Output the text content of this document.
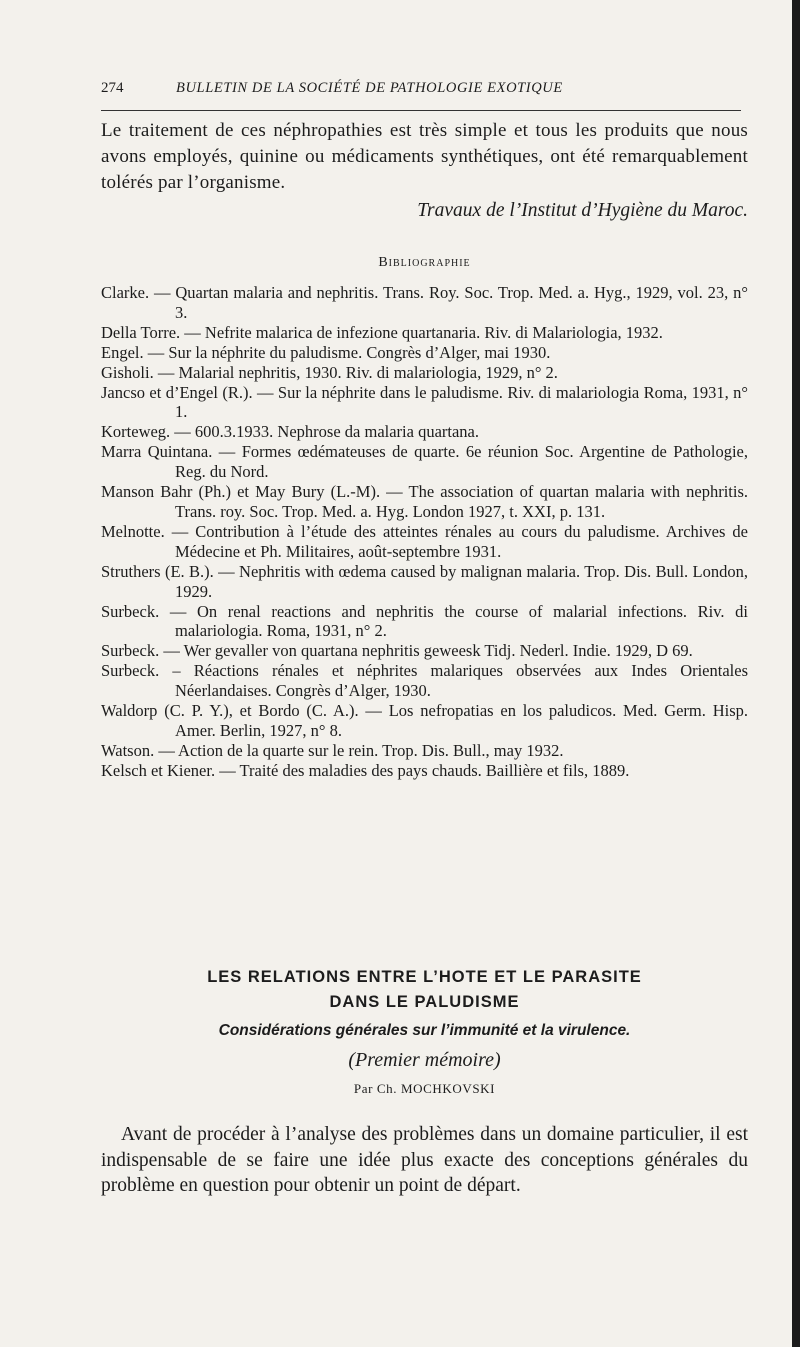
274	BULLETIN DE LA SOCIÉTÉ DE PATHOLOGIE EXOTIQUE

Le traitement de ces néphropathies est très simple et tous les produits que nous avons employés, quinine ou médicaments synthétiques, ont été remarquablement tolérés par l’organisme.

Travaux de l’Institut d’Hygiène du Maroc.
Bibliographie
Clarke. — Quartan malaria and nephritis. Trans. Roy. Soc. Trop. Med. a. Hyg., 1929, vol. 23, n° 3.
Della Torre. — Nefrite malarica de infezione quartanaria. Riv. di Malariologia, 1932.
Engel. — Sur la néphrite du paludisme. Congrès d’Alger, mai 1930.
Gisholi. — Malarial nephritis, 1930. Riv. di malariologia, 1929, n° 2.
Jancso et d’Engel (R.). — Sur la néphrite dans le paludisme. Riv. di malariologia Roma, 1931, n° 1.
Korteweg. — 600.3.1933. Nephrose da malaria quartana.
Marra Quintana. — Formes œdémateuses de quarte. 6e réunion Soc. Argentine de Pathologie, Reg. du Nord.
Manson Bahr (Ph.) et May Bury (L.-M). — The association of quartan malaria with nephritis. Trans. roy. Soc. Trop. Med. a. Hyg. London 1927, t. XXI, p. 131.
Melnotte. — Contribution à l’étude des atteintes rénales au cours du paludisme. Archives de Médecine et Ph. Militaires, août-septembre 1931.
Struthers (E. B.). — Nephritis with œdema caused by malignan malaria. Trop. Dis. Bull. London, 1929.
Surbeck. — On renal reactions and nephritis the course of malarial infections. Riv. di malariologia. Roma, 1931, n° 2.
Surbeck. — Wer gevaller von quartana nephritis geweesk Tidj. Nederl. Indie. 1929, D 69.
Surbeck. – Réactions rénales et néphrites malariques observées aux Indes Orientales Néerlandaises. Congrès d’Alger, 1930.
Waldorp (C. P. Y.), et Bordo (C. A.). — Los nefropatias en los paludicos. Med. Germ. Hisp. Amer. Berlin, 1927, n° 8.
Watson. — Action de la quarte sur le rein. Trop. Dis. Bull., may 1932.
Kelsch et Kiener. — Traité des maladies des pays chauds. Baillière et fils, 1889.

LES RELATIONS ENTRE L’HOTE ET LE PARASITE
DANS LE PALUDISME

Considérations générales sur l’immunité et la virulence.
(Premier mémoire)
Par Ch. MOCHKOVSKI

Avant de procéder à l’analyse des problèmes dans un domaine particulier, il est indispensable de se faire une idée plus exacte des conceptions générales du problème en question pour obtenir un point de départ.
